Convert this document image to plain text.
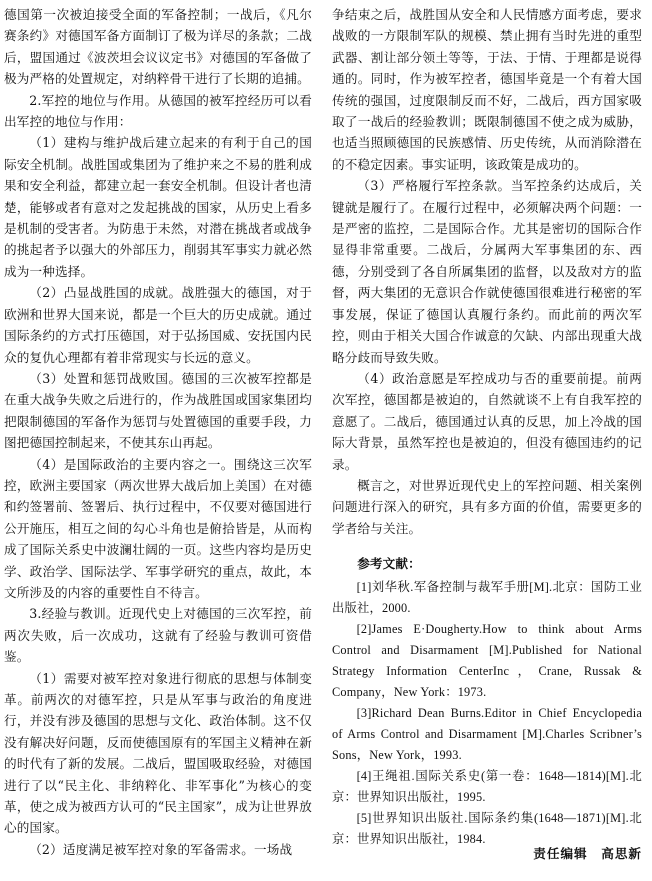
德国第一次被迫接受全面的军备控制；一战后，《凡尔赛条约》对德国军备方面制订了极为详尽的条款；二战后，盟国通过《波茨坦会议议定书》对德国的军备做了极为严格的处置规定，对纳粹骨干进行了长期的追捕。

2.军控的地位与作用。从德国的被军控经历可以看出军控的地位与作用：

（1）建构与维护战后建立起来的有利于自己的国际安全机制。战胜国或集团为了维护来之不易的胜利成果和安全利益，都建立起一套安全机制。但设计者也清楚，能够或者有意对之发起挑战的国家，从历史上看多是机制的受害者。为防患于未然，对潜在挑战者或战争的挑起者予以强大的外部压力，削弱其军事实力就必然成为一种选择。

（2）凸显战胜国的成就。战胜强大的德国，对于欧洲和世界大国来说，都是一个巨大的历史成就。通过国际条约的方式打压德国，对于弘扬国威、安抚国内民众的复仇心理都有着非常现实与长远的意义。

（3）处置和惩罚战败国。德国的三次被军控都是在重大战争失败之后进行的，作为战胜国或国家集团均把限制德国的军备作为惩罚与处置德国的重要手段，力图把德国控制起来，不使其东山再起。

（4）是国际政治的主要内容之一。围绕这三次军控，欧洲主要国家（两次世界大战后加上美国）在对德和约签署前、签署后、执行过程中，不仅要对德国进行公开施压，相互之间的勾心斗角也是俯拾皆是，从而构成了国际关系史中波澜壮阔的一页。这些内容均是历史学、政治学、国际法学、军事学研究的重点，故此，本文所涉及的内容的重要性自不待言。

3.经验与教训。近现代史上对德国的三次军控，前两次失败，后一次成功，这就有了经验与教训可资借鉴。

（1）需要对被军控对象进行彻底的思想与体制变革。前两次的对德军控，只是从军事与政治的角度进行，并没有涉及德国的思想与文化、政治体制。这不仅没有解决好问题，反而使德国原有的军国主义精神在新的时代有了新的发展。二战后，盟国吸取经验，对德国进行了以“民主化、非纳粹化、非军事化”为核心的变革，使之成为被西方认可的“民主国家”，成为让世界放心的国家。

（2）适度满足被军控对象的军备需求。一场战

争结束之后，战胜国从安全和人民情感方面考虑，要求战败的一方限制军队的规模、禁止拥有当时先进的重型武器、割让部分领土等等，于法、于情、于理都是说得通的。同时，作为被军控者，德国毕竟是一个有着大国传统的强国，过度限制反而不好，二战后，西方国家吸取了一战后的经验教训；既限制德国不使之成为威胁，也适当照顾德国的民族感情、历史传统，从而消除潜在的不稳定因素。事实证明，该政策是成功的。

（3）严格履行军控条款。当军控条约达成后，关键就是履行了。在履行过程中，必须解决两个问题：一是严密的监控，二是国际合作。尤其是密切的国际合作显得非常重要。二战后，分属两大军事集团的东、西德，分别受到了各自所属集团的监督，以及敌对方的监督，两大集团的无意识合作就使德国很难进行秘密的军事发展，保证了德国认真履行条约。而此前的两次军控，则由于相关大国合作诚意的欠缺、内部出现重大战略分歧而导致失败。

（4）政治意愿是军控成功与否的重要前提。前两次军控，德国都是被迫的，自然就谈不上有自我军控的意愿了。二战后，德国通过认真的反思，加上冷战的国际大背景，虽然军控也是被迫的，但没有德国违约的记录。

概言之，对世界近现代史上的军控问题、相关案例问题进行深入的研究，具有多方面的价值，需要更多的学者给与关注。

参考文献：

[1]刘华秋.军备控制与裁军手册[M].北京：国防工业出版社，2000.

[2]James E·Dougherty.How to think about Arms Control and Disarmament [M].Published for National Strategy Information CenterInc，Crane, Russak & Company，New York：1973.

[3]Richard Dean Burns.Editor in Chief Encyclopedia of Arms Control and Disarmament [M].Charles Scribner’s Sons，New York，1993.

[4]王绳祖.国际关系史(第一卷：1648—1814)[M].北京：世界知识出版社，1995.

[5]世界知识出版社.国际条约集(1648—1871)[M].北京：世界知识出版社，1984.

责任编辑　高思新
